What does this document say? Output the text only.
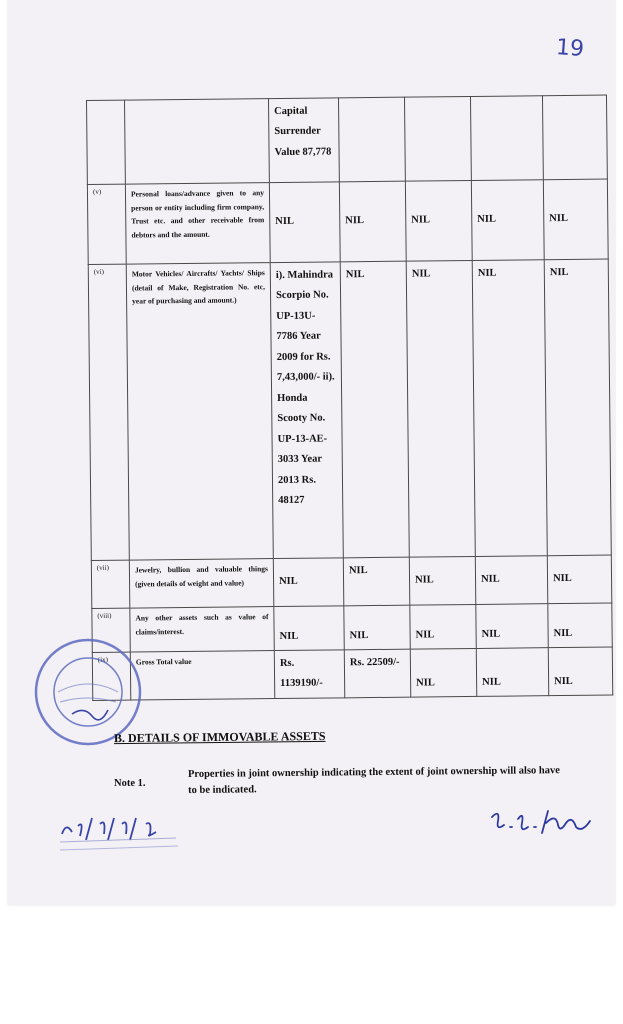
19
		Capital Surrender Value 87,778				
(v)	Personal loans/advance given to any person or entity including firm company, Trust etc. and other receivable from debtors and the amount.	NIL	NIL	NIL	NIL	NIL
(vi)	Motor Vehicles/ Aircrafts/ Yachts/ Ships (detail of Make, Registration No. etc, year of purchasing and amount.)	i). Mahindra Scorpio No. UP-13U-7786 Year 2009 for Rs. 7,43,000/- ii). Honda Scooty No. UP-13-AE-3033 Year 2013 Rs. 48127	NIL	NIL	NIL	NIL
(vii)	Jewelry, bullion and valuable things (given details of weight and value)	NIL	NIL	NIL	NIL	NIL
(viii)	Any other assets such as value of claims/interest.	NIL	NIL	NIL	NIL	NIL
(ix)	Gross Total value	Rs. 1139190/-	Rs. 22509/-	NIL	NIL	NIL
B. DETAILS OF IMMOVABLE ASSETS
Note 1.
Properties in joint ownership indicating the extent of joint ownership will also have to be indicated.
